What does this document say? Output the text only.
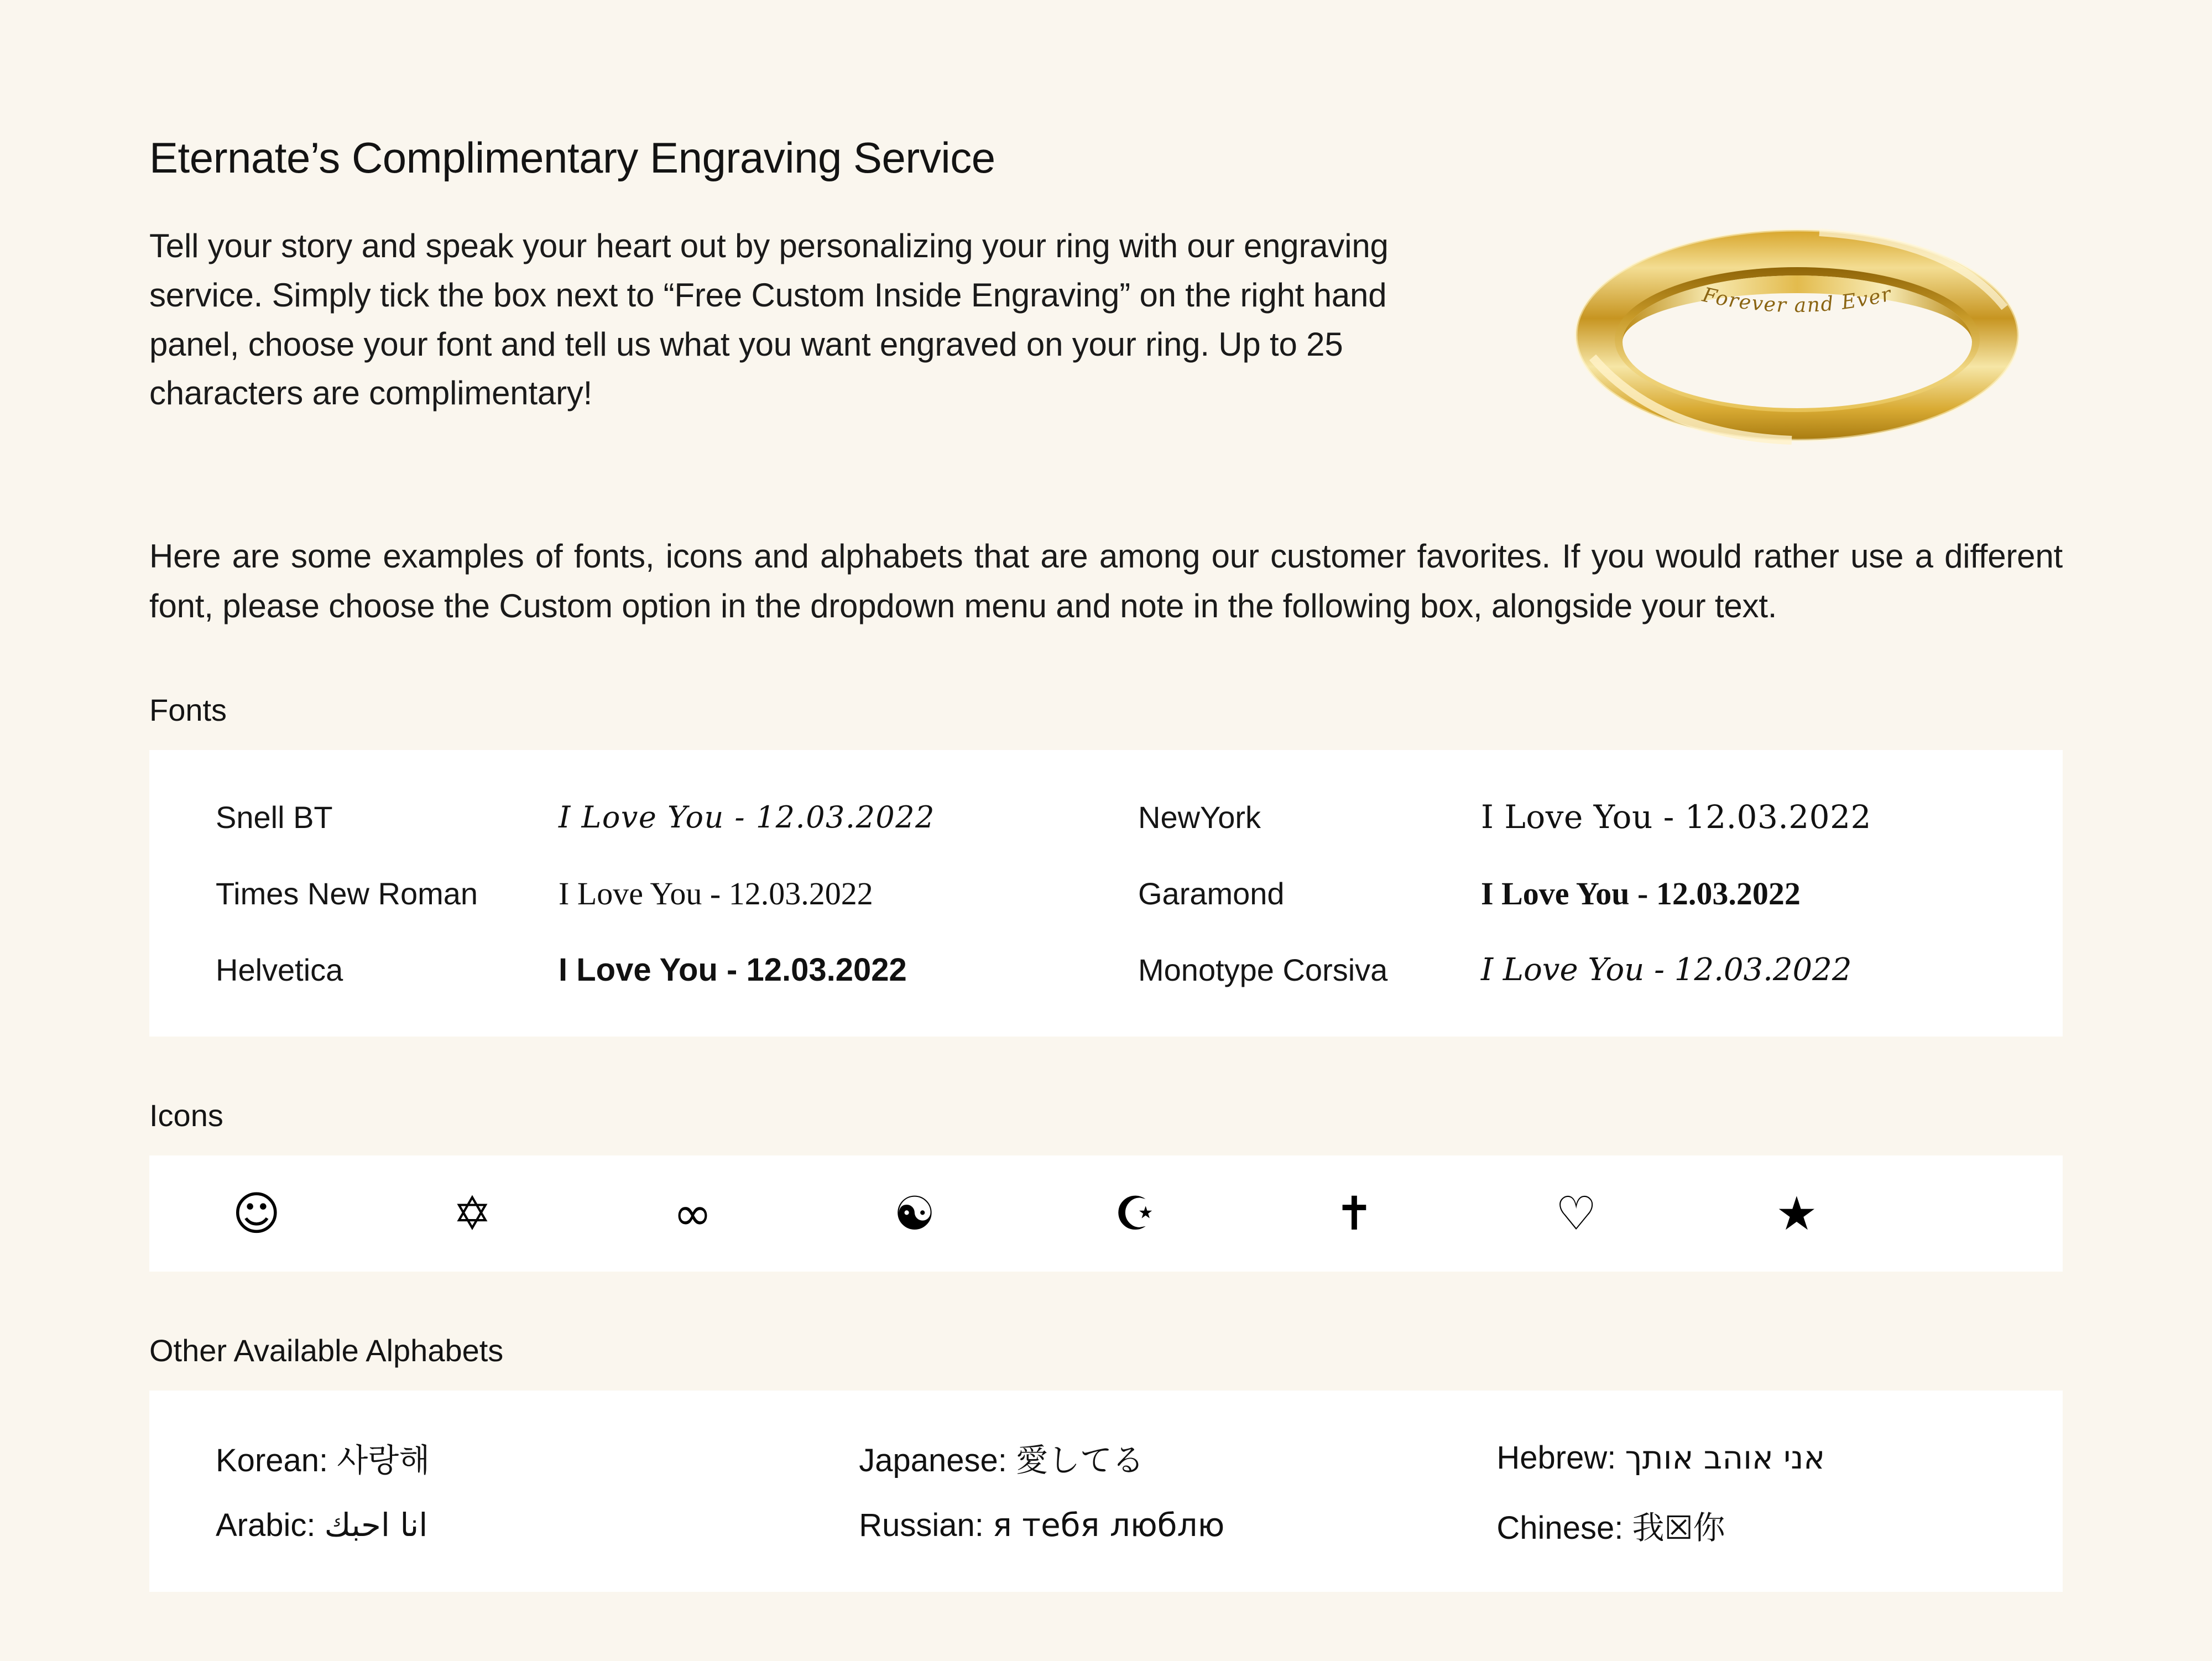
Eternate’s Complimentary Engraving Service
Tell your story and speak your heart out by personalizing your ring with our engraving service. Simply tick the box next to “Free Custom Inside Engraving” on the right hand panel, choose your font and tell us what you want engraved on your ring. Up to 25 characters are complimentary!
Forever and Ever
Here are some examples of fonts, icons and alphabets that are among our customer favorites. If you would rather use a different font, please choose the Custom option in the dropdown menu and note in the following box, alongside your text.
Fonts
Snell BT	I Love You - 12.03.2022	NewYork	I Love You - 12.03.2022
Times New Roman	I Love You - 12.03.2022	Garamond	I Love You - 12.03.2022
Helvetica	I Love You - 12.03.2022	Monotype Corsiva	I Love You - 12.03.2022
Icons
☺	✡	∞	☯	☪	✝	♡	★
Other Available Alphabets
Korean: 사랑해	Japanese: 愛してる	Hebrew: אני אוהב אותך
Arabic: انا احبك	Russian: я тебя люблю	Chinese: 我☒你
